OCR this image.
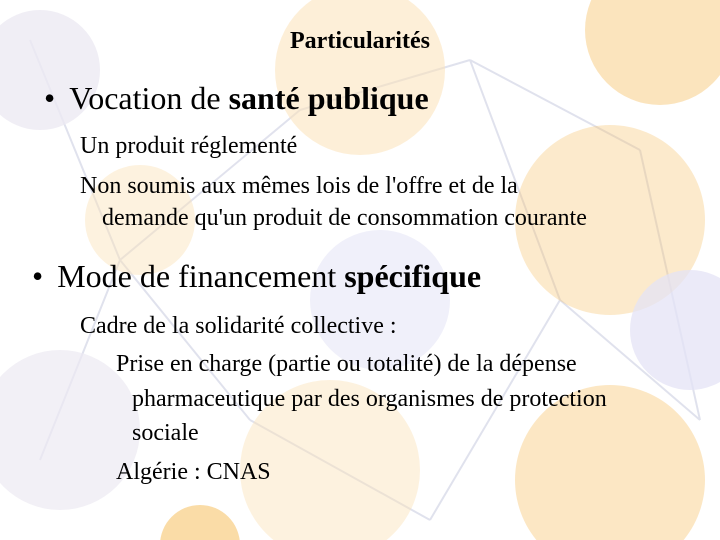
Particularités
• Vocation de santé publique
Un produit réglementé
Non soumis aux mêmes lois de l'offre et de la
demande qu'un produit de consommation courante
• Mode de financement spécifique
Cadre de la solidarité collective :
Prise en charge (partie ou totalité) de la dépense
pharmaceutique par des organismes de protection
sociale
Algérie : CNAS
